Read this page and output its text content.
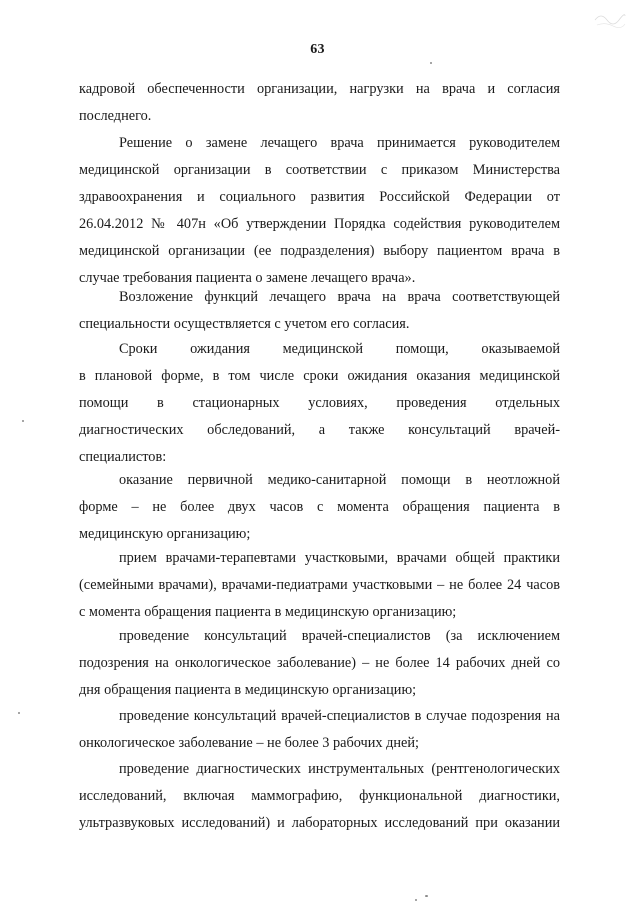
63
кадровой обеспеченности организации, нагрузки на врача и согласия
последнего.
Решение о замене лечащего врача принимается руководителем
медицинской организации в соответствии с приказом Министерства
здравоохранения и социального развития Российской Федерации от
26.04.2012 № 407н «Об утверждении Порядка содействия руководителем
медицинской организации (ее подразделения) выбору пациентом врача в
случае требования пациента о замене лечащего врача».
Возложение функций лечащего врача на врача соответствующей
специальности осуществляется с учетом его согласия.
Сроки ожидания медицинской помощи, оказываемой
в плановой форме, в том числе сроки ожидания оказания медицинской
помощи в стационарных условиях, проведения отдельных
диагностических обследований, а также консультаций врачей-
специалистов:
оказание первичной медико-санитарной помощи в неотложной
форме – не более двух часов с момента обращения пациента в
медицинскую организацию;
прием врачами-терапевтами участковыми, врачами общей практики
(семейными врачами), врачами-педиатрами участковыми – не более 24 часов
с момента обращения пациента в медицинскую организацию;
проведение консультаций врачей-специалистов (за исключением
подозрения на онкологическое заболевание) – не более 14 рабочих дней со
дня обращения пациента в медицинскую организацию;
проведение консультаций врачей-специалистов в случае подозрения на
онкологическое заболевание – не более 3 рабочих дней;
проведение диагностических инструментальных (рентгенологических
исследований, включая маммографию, функциональной диагностики,
ультразвуковых исследований) и лабораторных исследований при оказании
